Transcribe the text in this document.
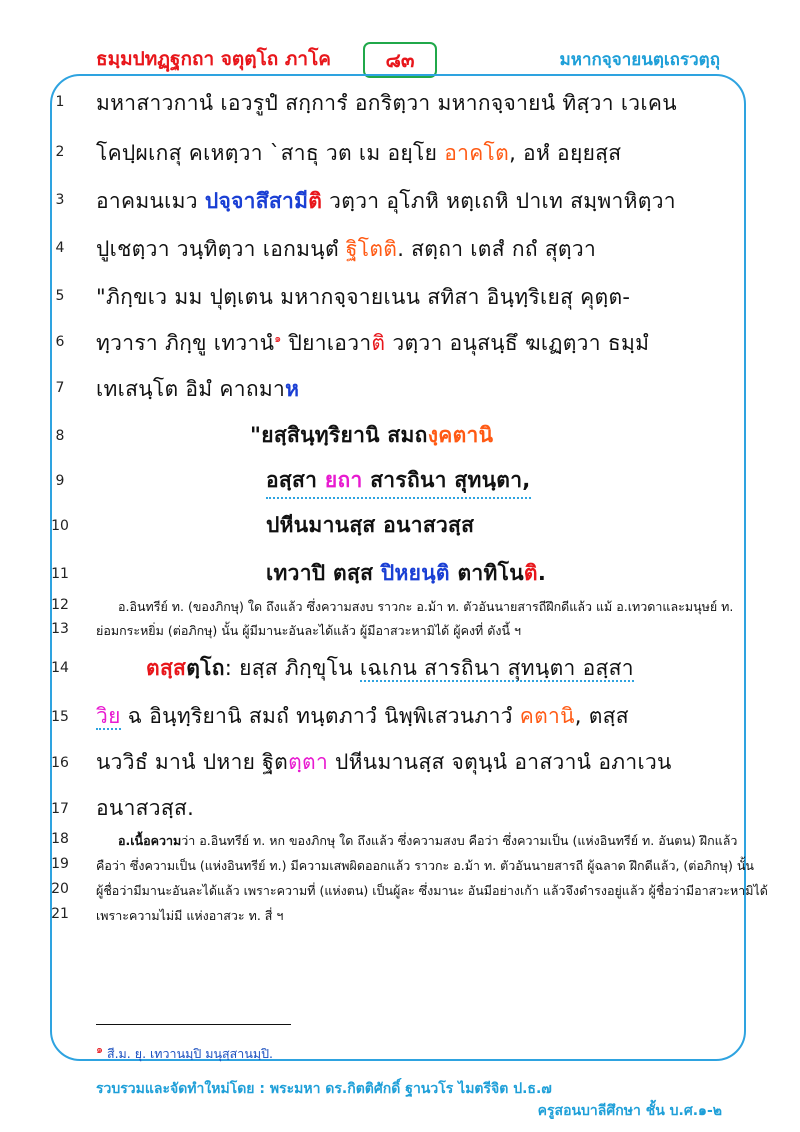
ธมฺมปทฏฺฐกถา จตุตฺโถ ภาโค	๘๓	มหากจฺจายนตฺเถรวตฺถุ
1	มหาสาวกานํ เอวรูปํ สกฺการํ อกริตฺวา มหากจฺจายนํ ทิสฺวา เวเคน
2	โคปฺผเกสุ คเหตฺวา `สาธุ วต เม อยฺโย อาคโต, อหํ อยฺยสฺส
3	อาคมนเมว ปจฺจาสึสามีติ วตฺวา อุโภหิ หตฺเถหิ ปาเท สมฺพาหิตฺวา
4	ปูเชตฺวา วนฺทิตฺวา เอกมนฺตํ ฐิโตติ. สตฺถา เตสํ กถํ สุตฺวา
5	"ภิกฺขเว มม ปุตฺเตน มหากจฺจายเนน สทิสา อินฺทฺริเยสุ คุตฺต-
6	ทฺวารา ภิกฺขู เทวานํ$^๑$ ปิยาเอวาติ วตฺวา อนุสนฺธึ ฆเฏตฺวา ธมฺมํ
7	เทเสนฺโต อิมํ คาถมาห
8	"ยสฺสินฺทฺริยานิ สมถงฺคตานิ
9	อสฺสา ยถา สารถินา สุทนฺตา,
10	ปหีนมานสฺส อนาสวสฺส
11	เทวาปิ ตสฺส ปิหยนฺติ ตาทิโนติ.
12	อ.อินทรีย์ ท. (ของภิกษุ) ใด ถึงแล้ว ซึ่งความสงบ ราวกะ อ.ม้า ท. ตัวอันนายสารถีฝึกดีแล้ว แม้ อ.เทวดาและมนุษย์ ท.
13	ย่อมกระหยิ่ม (ต่อภิกษุ) นั้น ผู้มีมานะอันละได้แล้ว ผู้มีอาสวะหามิได้ ผู้คงที่ ดังนี้ ฯ
14	ตสฺสตฺโถ: ยสฺส ภิกฺขุโน เฉเกน สารถินา สุทนฺตา อสฺสา
15	วิย ฉ อินฺทฺริยานิ สมถํ ทนฺตภาวํ นิพฺพิเสวนภาวํ คตานิ, ตสฺส
16	นววิธํ มานํ ปหาย ฐิตตฺตา ปหีนมานสฺส จตุนฺนํ อาสวานํ อภาเวน
17	อนาสวสฺส.
18	อ.เนื้อความว่า อ.อินทรีย์ ท. หก ของภิกษุ ใด ถึงแล้ว ซึ่งความสงบ คือว่า ซึ่งความเป็น (แห่งอินทรีย์ ท. อันตน) ฝึกแล้ว
19	คือว่า ซึ่งความเป็น (แห่งอินทรีย์ ท.) มีความเสพผิดออกแล้ว ราวกะ อ.ม้า ท. ตัวอันนายสารถี ผู้ฉลาด ฝึกดีแล้ว, (ต่อภิกษุ) นั้น
20	ผู้ชื่อว่ามีมานะอันละได้แล้ว เพราะความที่ (แห่งตน) เป็นผู้ละ ซึ่งมานะ อันมีอย่างเก้า แล้วจึงดำรงอยู่แล้ว ผู้ชื่อว่ามีอาสวะหามิได้
21	เพราะความไม่มี แห่งอาสวะ ท. สี่ ฯ
๑ สี.ม. ยุ. เทวานมฺปิ มนุสฺสานมฺปิ.
รวบรวมและจัดทำใหม่โดย : พระมหา ดร.กิตติศักดิ์ ฐานวโร ไมตรีจิต ป.ธ.๗
ครูสอนบาลีศึกษา ชั้น บ.ศ.๑-๒
